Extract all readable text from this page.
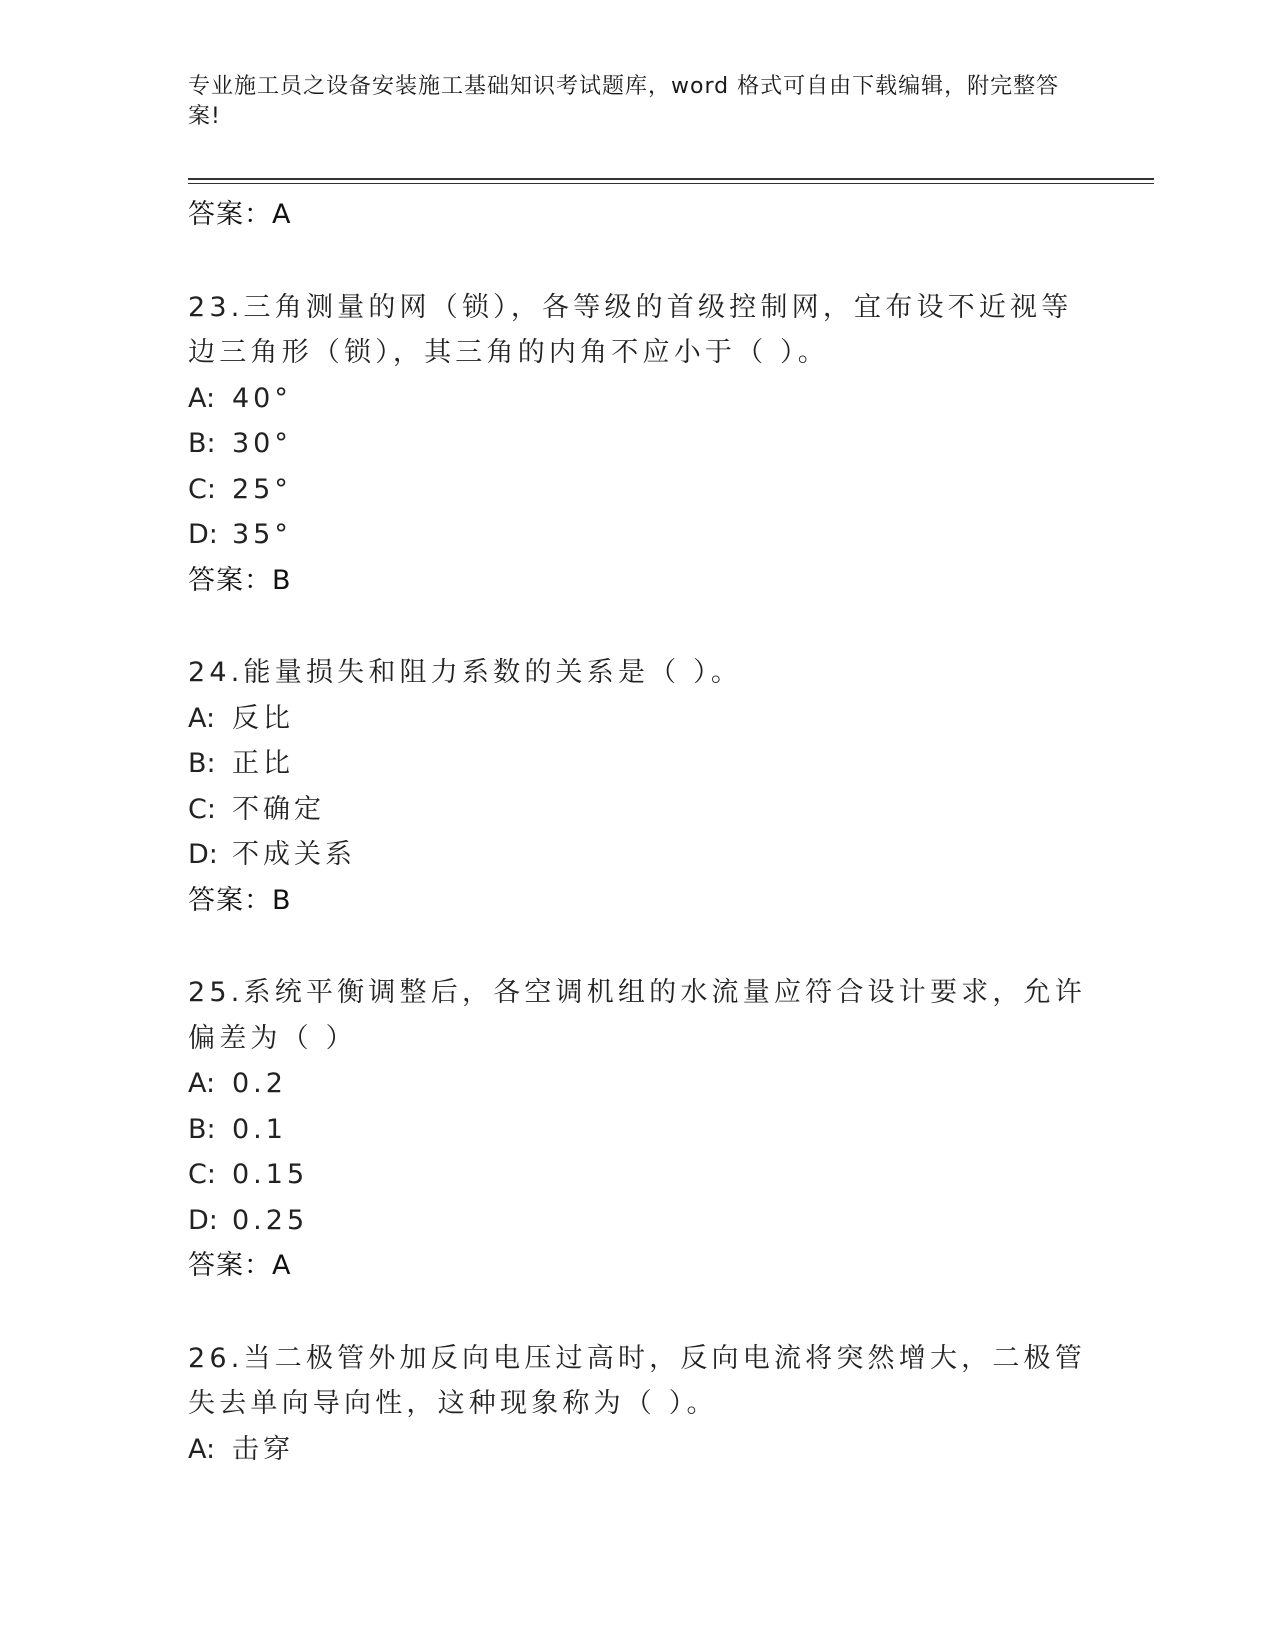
专业施工员之设备安装施工基础知识考试题库，word 格式可自由下载编辑，附完整答案!
答案：A
23.三角测量的网（锁），各等级的首级控制网，宜布设不近视等边三角形（锁），其三角的内角不应小于（ ）。
A: 40°
B: 30°
C: 25°
D: 35°
答案：B
24.能量损失和阻力系数的关系是（ ）。
A: 反比
B: 正比
C: 不确定
D: 不成关系
答案：B
25.系统平衡调整后，各空调机组的水流量应符合设计要求，允许偏差为（ ）
A: 0.2
B: 0.1
C: 0.15
D: 0.25
答案：A
26.当二极管外加反向电压过高时，反向电流将突然增大，二极管失去单向导向性，这种现象称为（ ）。
A: 击穿
